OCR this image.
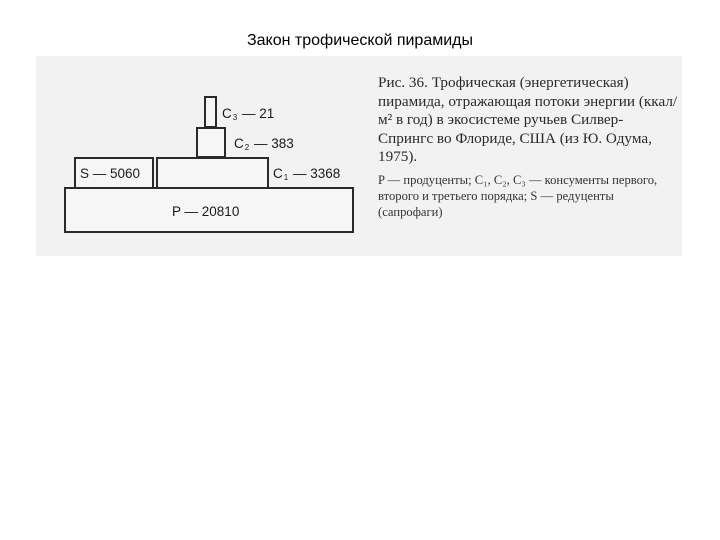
Закон трофической пирамиды
$C_3$ — 21
$C_2$ — 383
S — 5060	$C_1$ — 3368
P — 20810

Рис. 36. Трофическая (энергетическая) пирамида, отражающая потоки энергии (ккал/м² в год) в экосистеме ручьев Силвер-Спрингс во Флориде, США (из Ю. Одума, 1975).

P — продуценты; C₁, C₂, C₃ — консументы первого, второго и третьего порядка; S — редуценты (сапрофаги)
